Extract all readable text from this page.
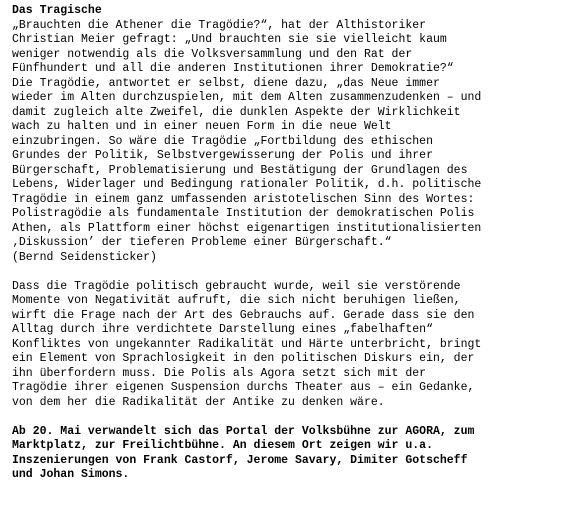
Das Tragische
„Brauchten die Athener die Tragödie?“, hat der Althistoriker
Christian Meier gefragt: „Und brauchten sie sie vielleicht kaum
weniger notwendig als die Volksversammlung und den Rat der
Fünfhundert und all die anderen Institutionen ihrer Demokratie?“
Die Tragödie, antwortet er selbst, diene dazu, „das Neue immer
wieder im Alten durchzuspielen, mit dem Alten zusammenzudenken – und
damit zugleich alte Zweifel, die dunklen Aspekte der Wirklichkeit
wach zu halten und in einer neuen Form in die neue Welt
einzubringen. So wäre die Tragödie „Fortbildung des ethischen
Grundes der Politik, Selbstvergewisserung der Polis und ihrer
Bürgerschaft, Problematisierung und Bestätigung der Grundlagen des
Lebens, Widerlager und Bedingung rationaler Politik, d.h. politische
Tragödie in einem ganz umfassenden aristotelischen Sinn des Wortes:
Polistragödie als fundamentale Institution der demokratischen Polis
Athen, als Plattform einer höchst eigenartigen institutionalisierten
‚Diskussion’ der tieferen Probleme einer Bürgerschaft.“
(Bernd Seidensticker)
Dass die Tragödie politisch gebraucht wurde, weil sie verstörende
Momente von Negativität aufruft, die sich nicht beruhigen ließen,
wirft die Frage nach der Art des Gebrauchs auf. Gerade dass sie den
Alltag durch ihre verdichtete Darstellung eines „fabelhaften“
Konfliktes von ungekannter Radikalität und Härte unterbricht, bringt
ein Element von Sprachlosigkeit in den politischen Diskurs ein, der
ihn überfordern muss. Die Polis als Agora setzt sich mit der
Tragödie ihrer eigenen Suspension durchs Theater aus – ein Gedanke,
von dem her die Radikalität der Antike zu denken wäre.
Ab 20. Mai verwandelt sich das Portal der Volksbühne zur AGORA, zum
Marktplatz, zur Freilichtbühne. An diesem Ort zeigen wir u.a.
Inszenierungen von Frank Castorf, Jerome Savary, Dimiter Gotscheff
und Johan Simons.
